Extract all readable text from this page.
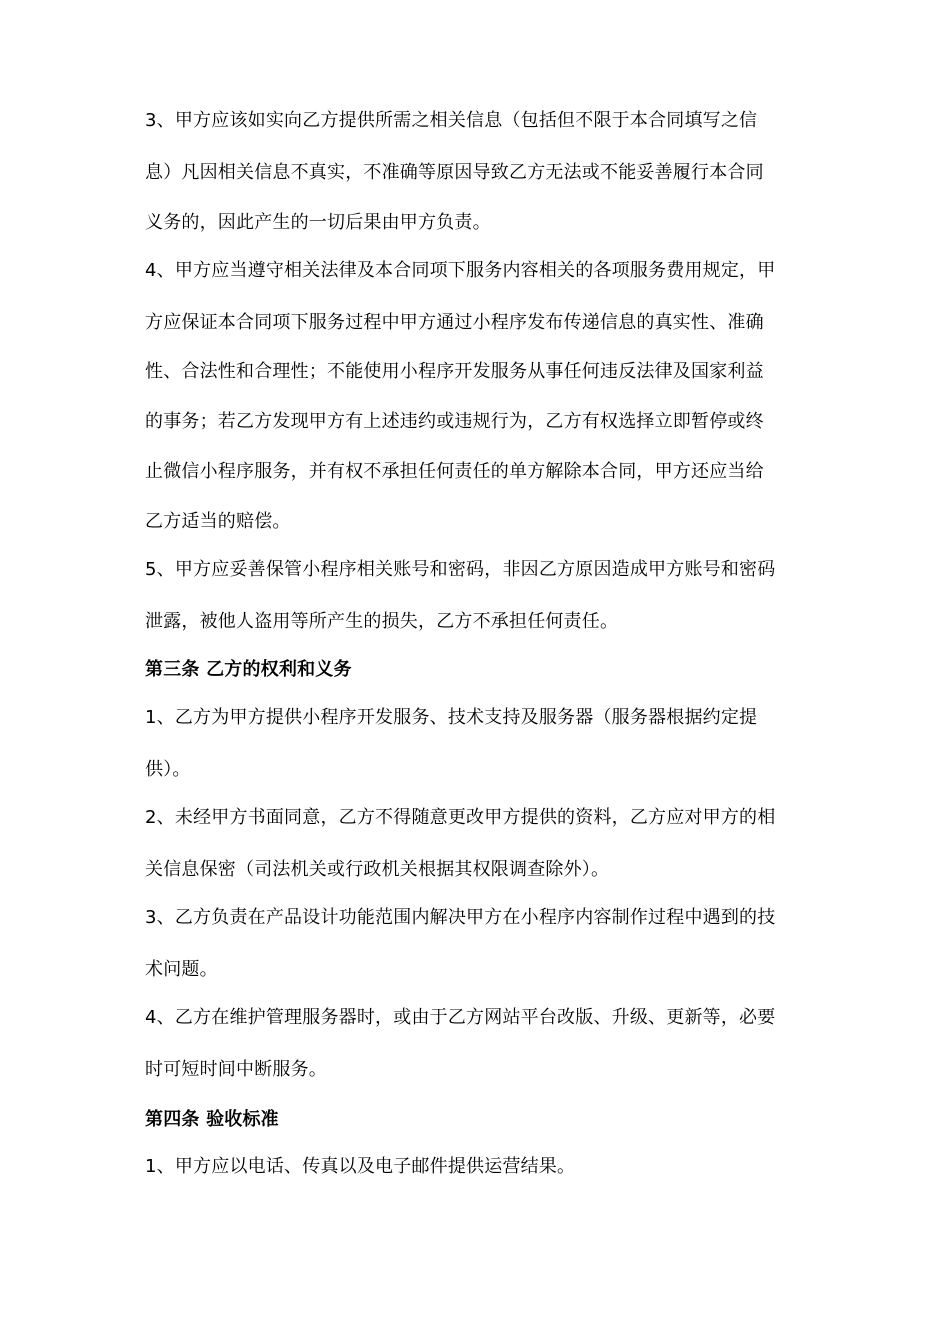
3、甲方应该如实向乙方提供所需之相关信息（包括但不限于本合同填写之信
息）凡因相关信息不真实，不准确等原因导致乙方无法或不能妥善履行本合同
义务的，因此产生的一切后果由甲方负责。
4、甲方应当遵守相关法律及本合同项下服务内容相关的各项服务费用规定，甲
方应保证本合同项下服务过程中甲方通过小程序发布传递信息的真实性、准确
性、合法性和合理性；不能使用小程序开发服务从事任何违反法律及国家利益
的事务；若乙方发现甲方有上述违约或违规行为，乙方有权选择立即暂停或终
止微信小程序服务，并有权不承担任何责任的单方解除本合同，甲方还应当给
乙方适当的赔偿。
5、甲方应妥善保管小程序相关账号和密码，非因乙方原因造成甲方账号和密码
泄露，被他人盗用等所产生的损失，乙方不承担任何责任。
第三条 乙方的权利和义务
1、乙方为甲方提供小程序开发服务、技术支持及服务器（服务器根据约定提
供）。
2、未经甲方书面同意，乙方不得随意更改甲方提供的资料，乙方应对甲方的相
关信息保密（司法机关或行政机关根据其权限调查除外）。
3、乙方负责在产品设计功能范围内解决甲方在小程序内容制作过程中遇到的技
术问题。
4、乙方在维护管理服务器时，或由于乙方网站平台改版、升级、更新等，必要
时可短时间中断服务。
第四条 验收标准
1、甲方应以电话、传真以及电子邮件提供运营结果。
